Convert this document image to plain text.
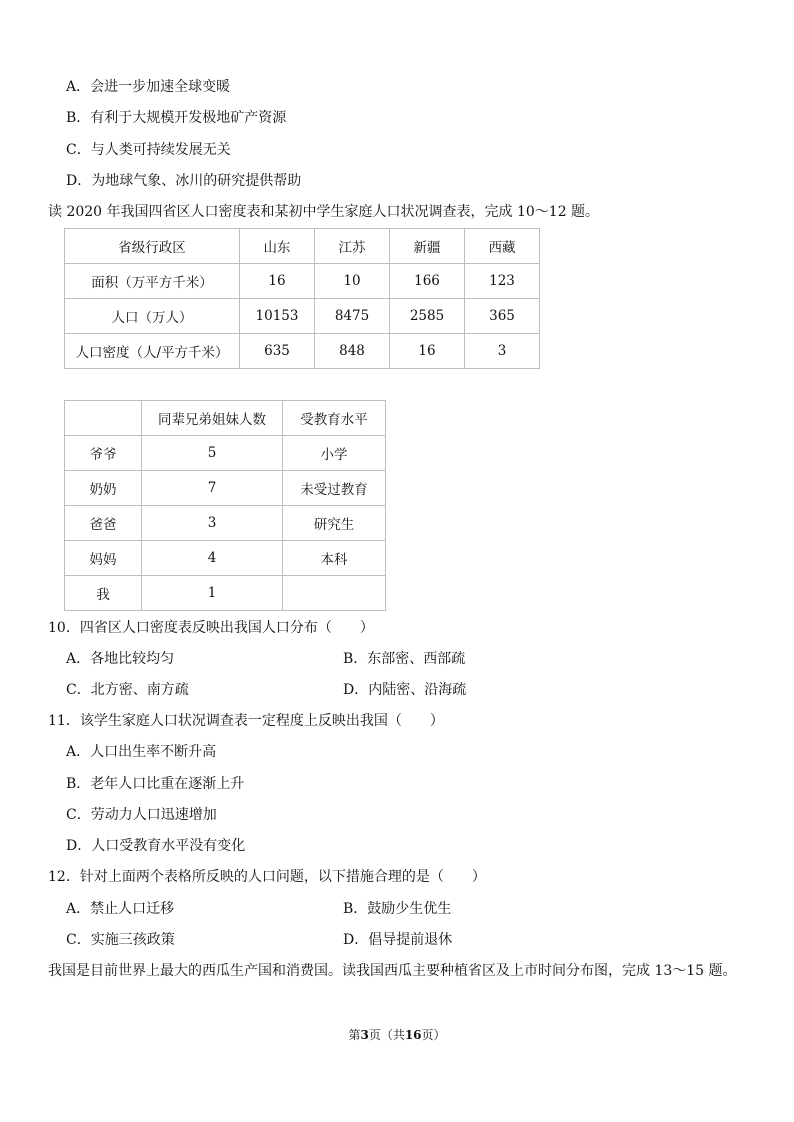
A．会进一步加速全球变暖
B．有利于大规模开发极地矿产资源
C．与人类可持续发展无关
D．为地球气象、冰川的研究提供帮助
读 2020 年我国四省区人口密度表和某初中学生家庭人口状况调查表，完成 10～12 题。
省级行政区	山东	江苏	新疆	西藏
面积（万平方千米）	16	10	166	123
人口（万人）	10153	8475	2585	365
人口密度（人/平方千米）	635	848	16	3
	同辈兄弟姐妹人数	受教育水平
爷爷	5	小学
奶奶	7	未受过教育
爸爸	3	研究生
妈妈	4	本科
我	1	
10．四省区人口密度表反映出我国人口分布（　　）
A．各地比较均匀	B．东部密、西部疏
C．北方密、南方疏	D．内陆密、沿海疏
11．该学生家庭人口状况调查表一定程度上反映出我国（　　）
A．人口出生率不断升高
B．老年人口比重在逐渐上升
C．劳动力人口迅速增加
D．人口受教育水平没有变化
12．针对上面两个表格所反映的人口问题，以下措施合理的是（　　）
A．禁止人口迁移	B．鼓励少生优生
C．实施三孩政策	D．倡导提前退休
我国是目前世界上最大的西瓜生产国和消费国。读我国西瓜主要种植省区及上市时间分布图，完成 13～15 题。
第3页（共16页）
